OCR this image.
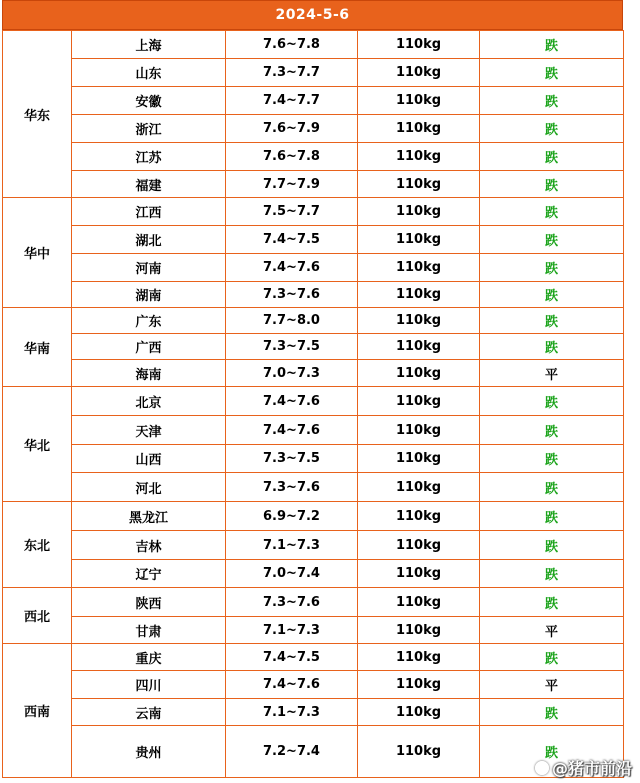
2024-5-6
华东	上海	7.6~7.8	110kg	跌
	山东	7.3~7.7	110kg	跌
	安徽	7.4~7.7	110kg	跌
	浙江	7.6~7.9	110kg	跌
	江苏	7.6~7.8	110kg	跌
	福建	7.7~7.9	110kg	跌
华中	江西	7.5~7.7	110kg	跌
	湖北	7.4~7.5	110kg	跌
	河南	7.4~7.6	110kg	跌
	湖南	7.3~7.6	110kg	跌
华南	广东	7.7~8.0	110kg	跌
	广西	7.3~7.5	110kg	跌
	海南	7.0~7.3	110kg	平
华北	北京	7.4~7.6	110kg	跌
	天津	7.4~7.6	110kg	跌
	山西	7.3~7.5	110kg	跌
	河北	7.3~7.6	110kg	跌
东北	黑龙江	6.9~7.2	110kg	跌
	吉林	7.1~7.3	110kg	跌
	辽宁	7.0~7.4	110kg	跌
西北	陕西	7.3~7.6	110kg	跌
	甘肃	7.1~7.3	110kg	平
西南	重庆	7.4~7.5	110kg	跌
	四川	7.4~7.6	110kg	平
	云南	7.1~7.3	110kg	跌
	贵州	7.2~7.4	110kg	跌
@猪市前沿
